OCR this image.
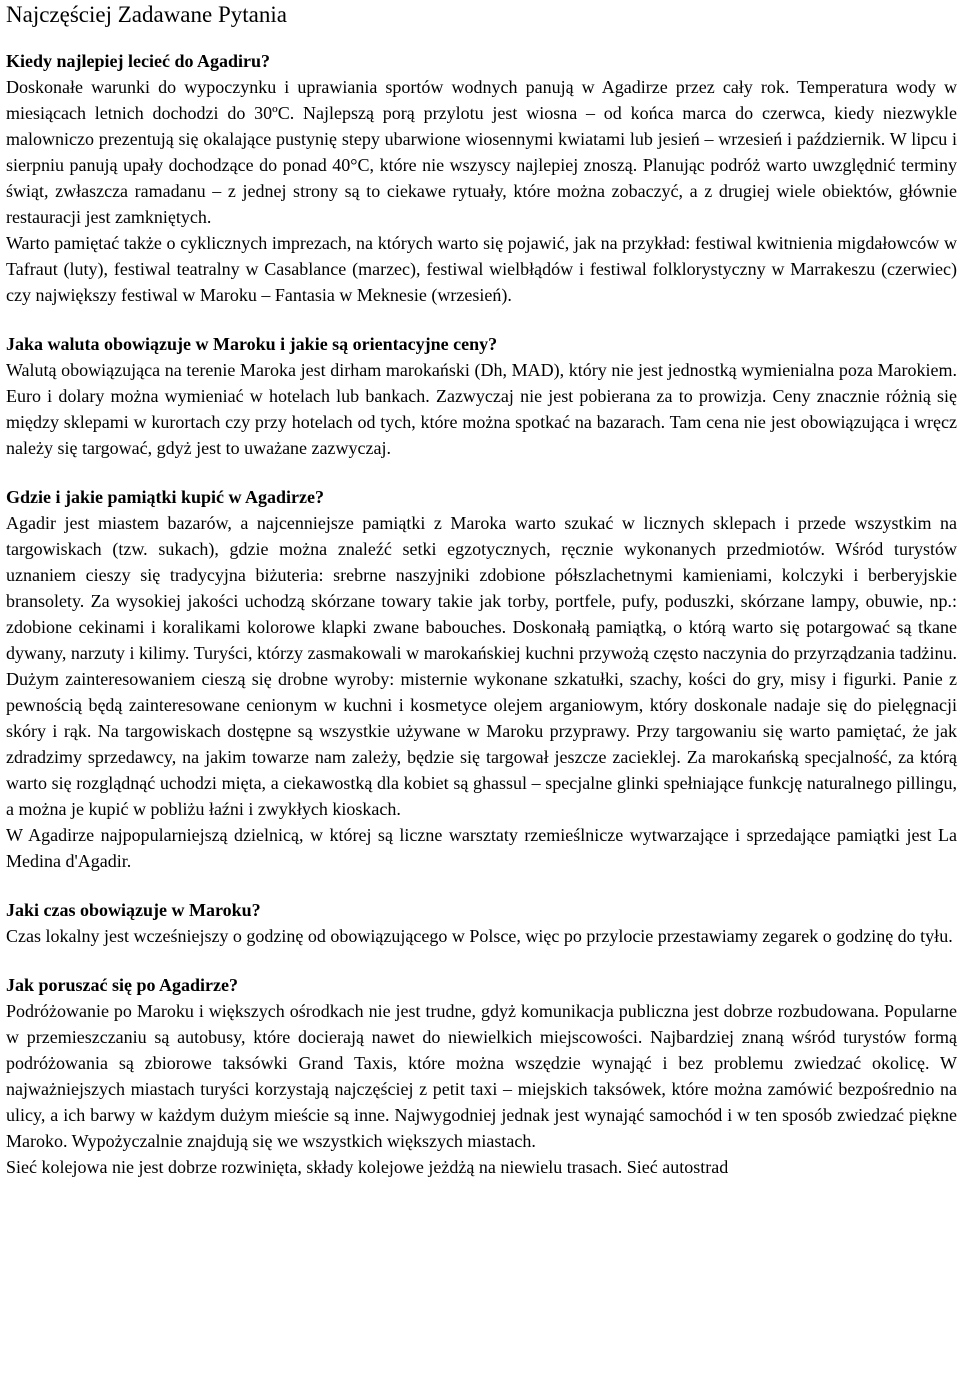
Najczęściej Zadawane Pytania

Kiedy najlepiej lecieć do Agadiru?

Doskonałe warunki do wypoczynku i uprawiania sportów wodnych panują w Agadirze przez cały rok. Temperatura wody w miesiącach letnich dochodzi do 30ºC. Najlepszą porą przylotu jest wiosna – od końca marca do czerwca, kiedy niezwykle malowniczo prezentują się okalające pustynię stepy ubarwione wiosennymi kwiatami lub jesień – wrzesień i październik. W lipcu i sierpniu panują upały dochodzące do ponad 40°C, które nie wszyscy najlepiej znoszą. Planując podróż warto uwzględnić terminy świąt, zwłaszcza ramadanu – z jednej strony są to ciekawe rytuały, które można zobaczyć, a z drugiej wiele obiektów, głównie restauracji jest zamkniętych.

Warto pamiętać także o cyklicznych imprezach, na których warto się pojawić, jak na przykład: festiwal kwitnienia migdałowców w Tafraut (luty), festiwal teatralny w Casablance (marzec), festiwal wielbłądów i festiwal folklorystyczny w Marrakeszu (czerwiec) czy największy festiwal w Maroku – Fantasia w Meknesie (wrzesień).

Jaka waluta obowiązuje w Maroku i jakie są orientacyjne ceny?

Walutą obowiązująca na terenie Maroka jest dirham marokański (Dh, MAD), który nie jest jednostką wymienialna poza Marokiem. Euro i dolary można wymieniać w hotelach lub bankach. Zazwyczaj nie jest pobierana za to prowizja. Ceny znacznie różnią się między sklepami w kurortach czy przy hotelach od tych, które można spotkać na bazarach. Tam cena nie jest obowiązująca i wręcz należy się targować, gdyż jest to uważane zazwyczaj.

Gdzie i jakie pamiątki kupić w Agadirze?

Agadir jest miastem bazarów, a najcenniejsze pamiątki z Maroka warto szukać w licznych sklepach i przede wszystkim na targowiskach (tzw. sukach), gdzie można znaleźć setki egzotycznych, ręcznie wykonanych przedmiotów. Wśród turystów uznaniem cieszy się tradycyjna biżuteria: srebrne naszyjniki zdobione półszlachetnymi kamieniami, kolczyki i berberyjskie bransolety. Za wysokiej jakości uchodzą skórzane towary takie jak torby, portfele, pufy, poduszki, skórzane lampy, obuwie, np.: zdobione cekinami i koralikami kolorowe klapki zwane babouches. Doskonałą pamiątką, o którą warto się potargować są tkane dywany, narzuty i kilimy. Turyści, którzy zasmakowali w marokańskiej kuchni przywożą często naczynia do przyrządzania tadżinu. Dużym zainteresowaniem cieszą się drobne wyroby: misternie wykonane szkatułki, szachy, kości do gry, misy i figurki. Panie z pewnością będą zainteresowane cenionym w kuchni i kosmetyce olejem arganiowym, który doskonale nadaje się do pielęgnacji skóry i rąk. Na targowiskach dostępne są wszystkie używane w Maroku przyprawy. Przy targowaniu się warto pamiętać, że jak zdradzimy sprzedawcy, na jakim towarze nam zależy, będzie się targował jeszcze zacieklej. Za marokańską specjalność, za którą warto się rozglądnąć uchodzi mięta, a ciekawostką dla kobiet są ghassul – specjalne glinki spełniające funkcję naturalnego pillingu, a można je kupić w pobliżu łaźni i zwykłych kioskach.

W Agadirze najpopularniejszą dzielnicą, w której są liczne warsztaty rzemieślnicze wytwarzające i sprzedające pamiątki jest La Medina d'Agadir.

Jaki czas obowiązuje w Maroku?

Czas lokalny jest wcześniejszy o godzinę od obowiązującego w Polsce, więc po przylocie przestawiamy zegarek o godzinę do tyłu.

Jak poruszać się po Agadirze?

Podróżowanie po Maroku i większych ośrodkach nie jest trudne, gdyż komunikacja publiczna jest dobrze rozbudowana. Popularne w przemieszczaniu są autobusy, które docierają nawet do niewielkich miejscowości. Najbardziej znaną wśród turystów formą podróżowania są zbiorowe taksówki Grand Taxis, które można wszędzie wynająć i bez problemu zwiedzać okolicę. W najważniejszych miastach turyści korzystają najczęściej z petit taxi – miejskich taksówek, które można zamówić bezpośrednio na ulicy, a ich barwy w każdym dużym mieście są inne. Najwygodniej jednak jest wynająć samochód i w ten sposób zwiedzać piękne Maroko. Wypożyczalnie znajdują się we wszystkich większych miastach.

Sieć kolejowa nie jest dobrze rozwinięta, składy kolejowe jeżdżą na niewielu trasach. Sieć autostrad
